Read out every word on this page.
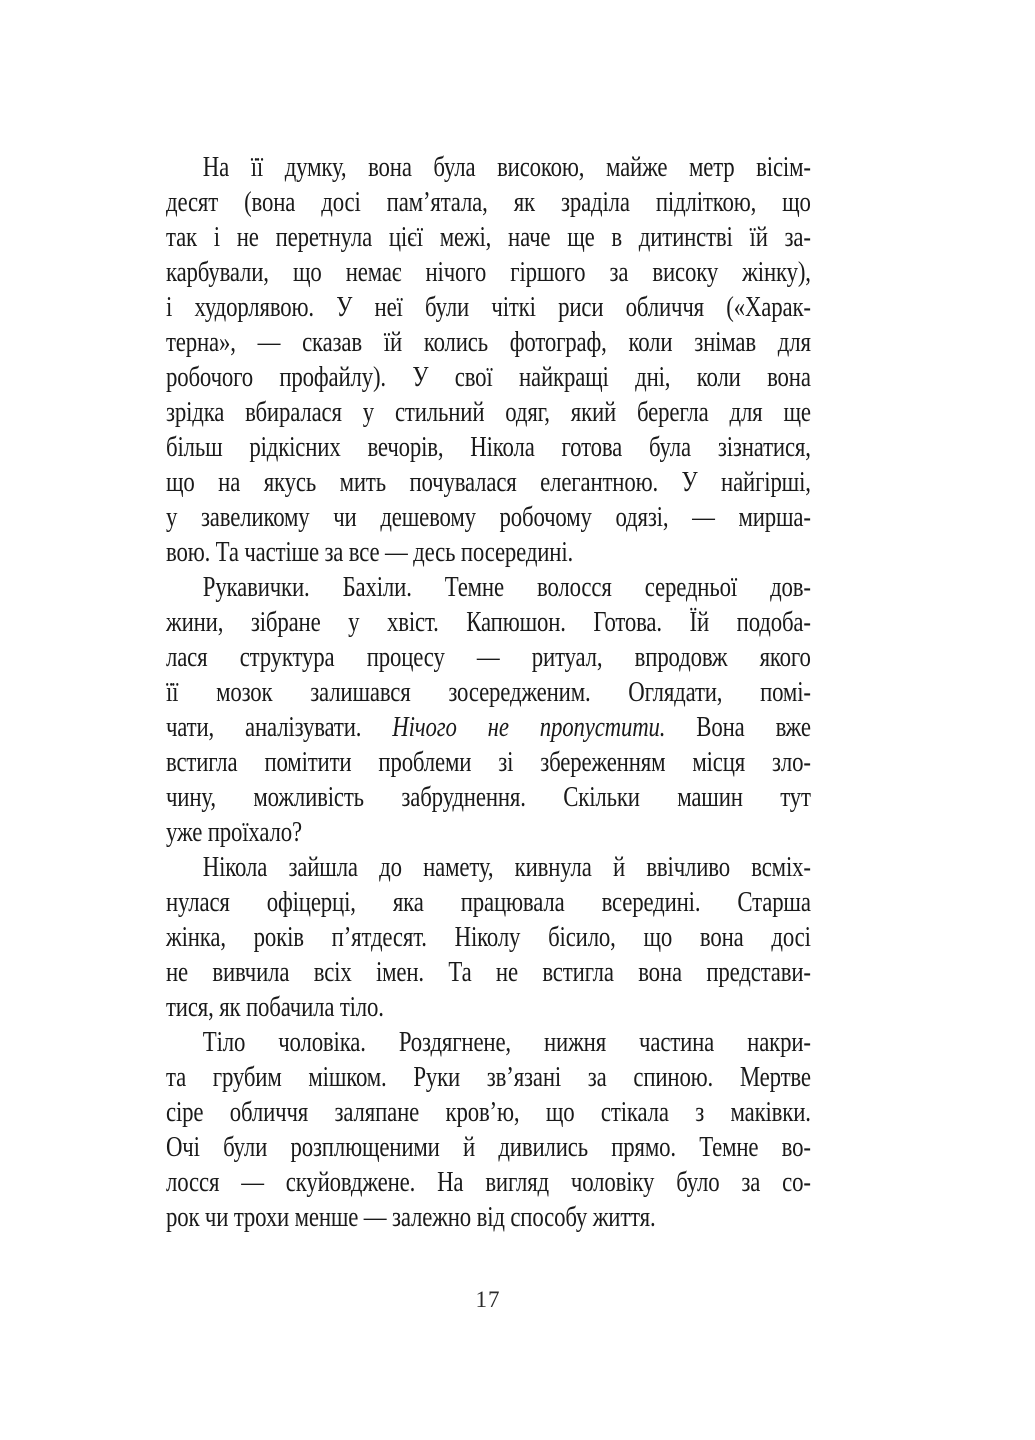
На її думку, вона була високою, майже метр вісім-
десят (вона досі пам’ятала, як зраділа підліткою, що
так і не перетнула цієї межі, наче ще в дитинстві їй за-
карбували, що немає нічого гіршого за високу жінку),
і худорлявою. У неї були чіткі риси обличчя («Харак-
терна», — сказав їй колись фотограф, коли знімав для
робочого профайлу). У свої найкращі дні, коли вона
зрідка вбиралася у стильний одяг, який берегла для ще
більш рідкісних вечорів, Нікола готова була зізнатися,
що на якусь мить почувалася елегантною. У найгірші,
у завеликому чи дешевому робочому одязі, — мирша-
вою. Та частіше за все — десь посередині.
Рукавички. Бахіли. Темне волосся середньої дов-
жини, зібране у хвіст. Капюшон. Готова. Їй подоба-
лася структура процесу — ритуал, впродовж якого
її мозок залишався зосередженим. Оглядати, помі-
чати, аналізувати. Нічого не пропустити. Вона вже
встигла помітити проблеми зі збереженням місця зло-
чину, можливість забруднення. Скільки машин тут
уже проїхало?
Нікола зайшла до намету, кивнула й ввічливо всміх-
нулася офіцерці, яка працювала всередині. Старша
жінка, років п’ятдесят. Ніколу бісило, що вона досі
не вивчила всіх імен. Та не встигла вона представи-
тися, як побачила тіло.
Тіло чоловіка. Роздягнене, нижня частина накри-
та грубим мішком. Руки зв’язані за спиною. Мертве
сіре обличчя заляпане кров’ю, що стікала з маківки.
Очі були розплющеними й дивились прямо. Темне во-
лосся — скуйовджене. На вигляд чоловіку було за со-
рок чи трохи менше — залежно від способу життя.
17
